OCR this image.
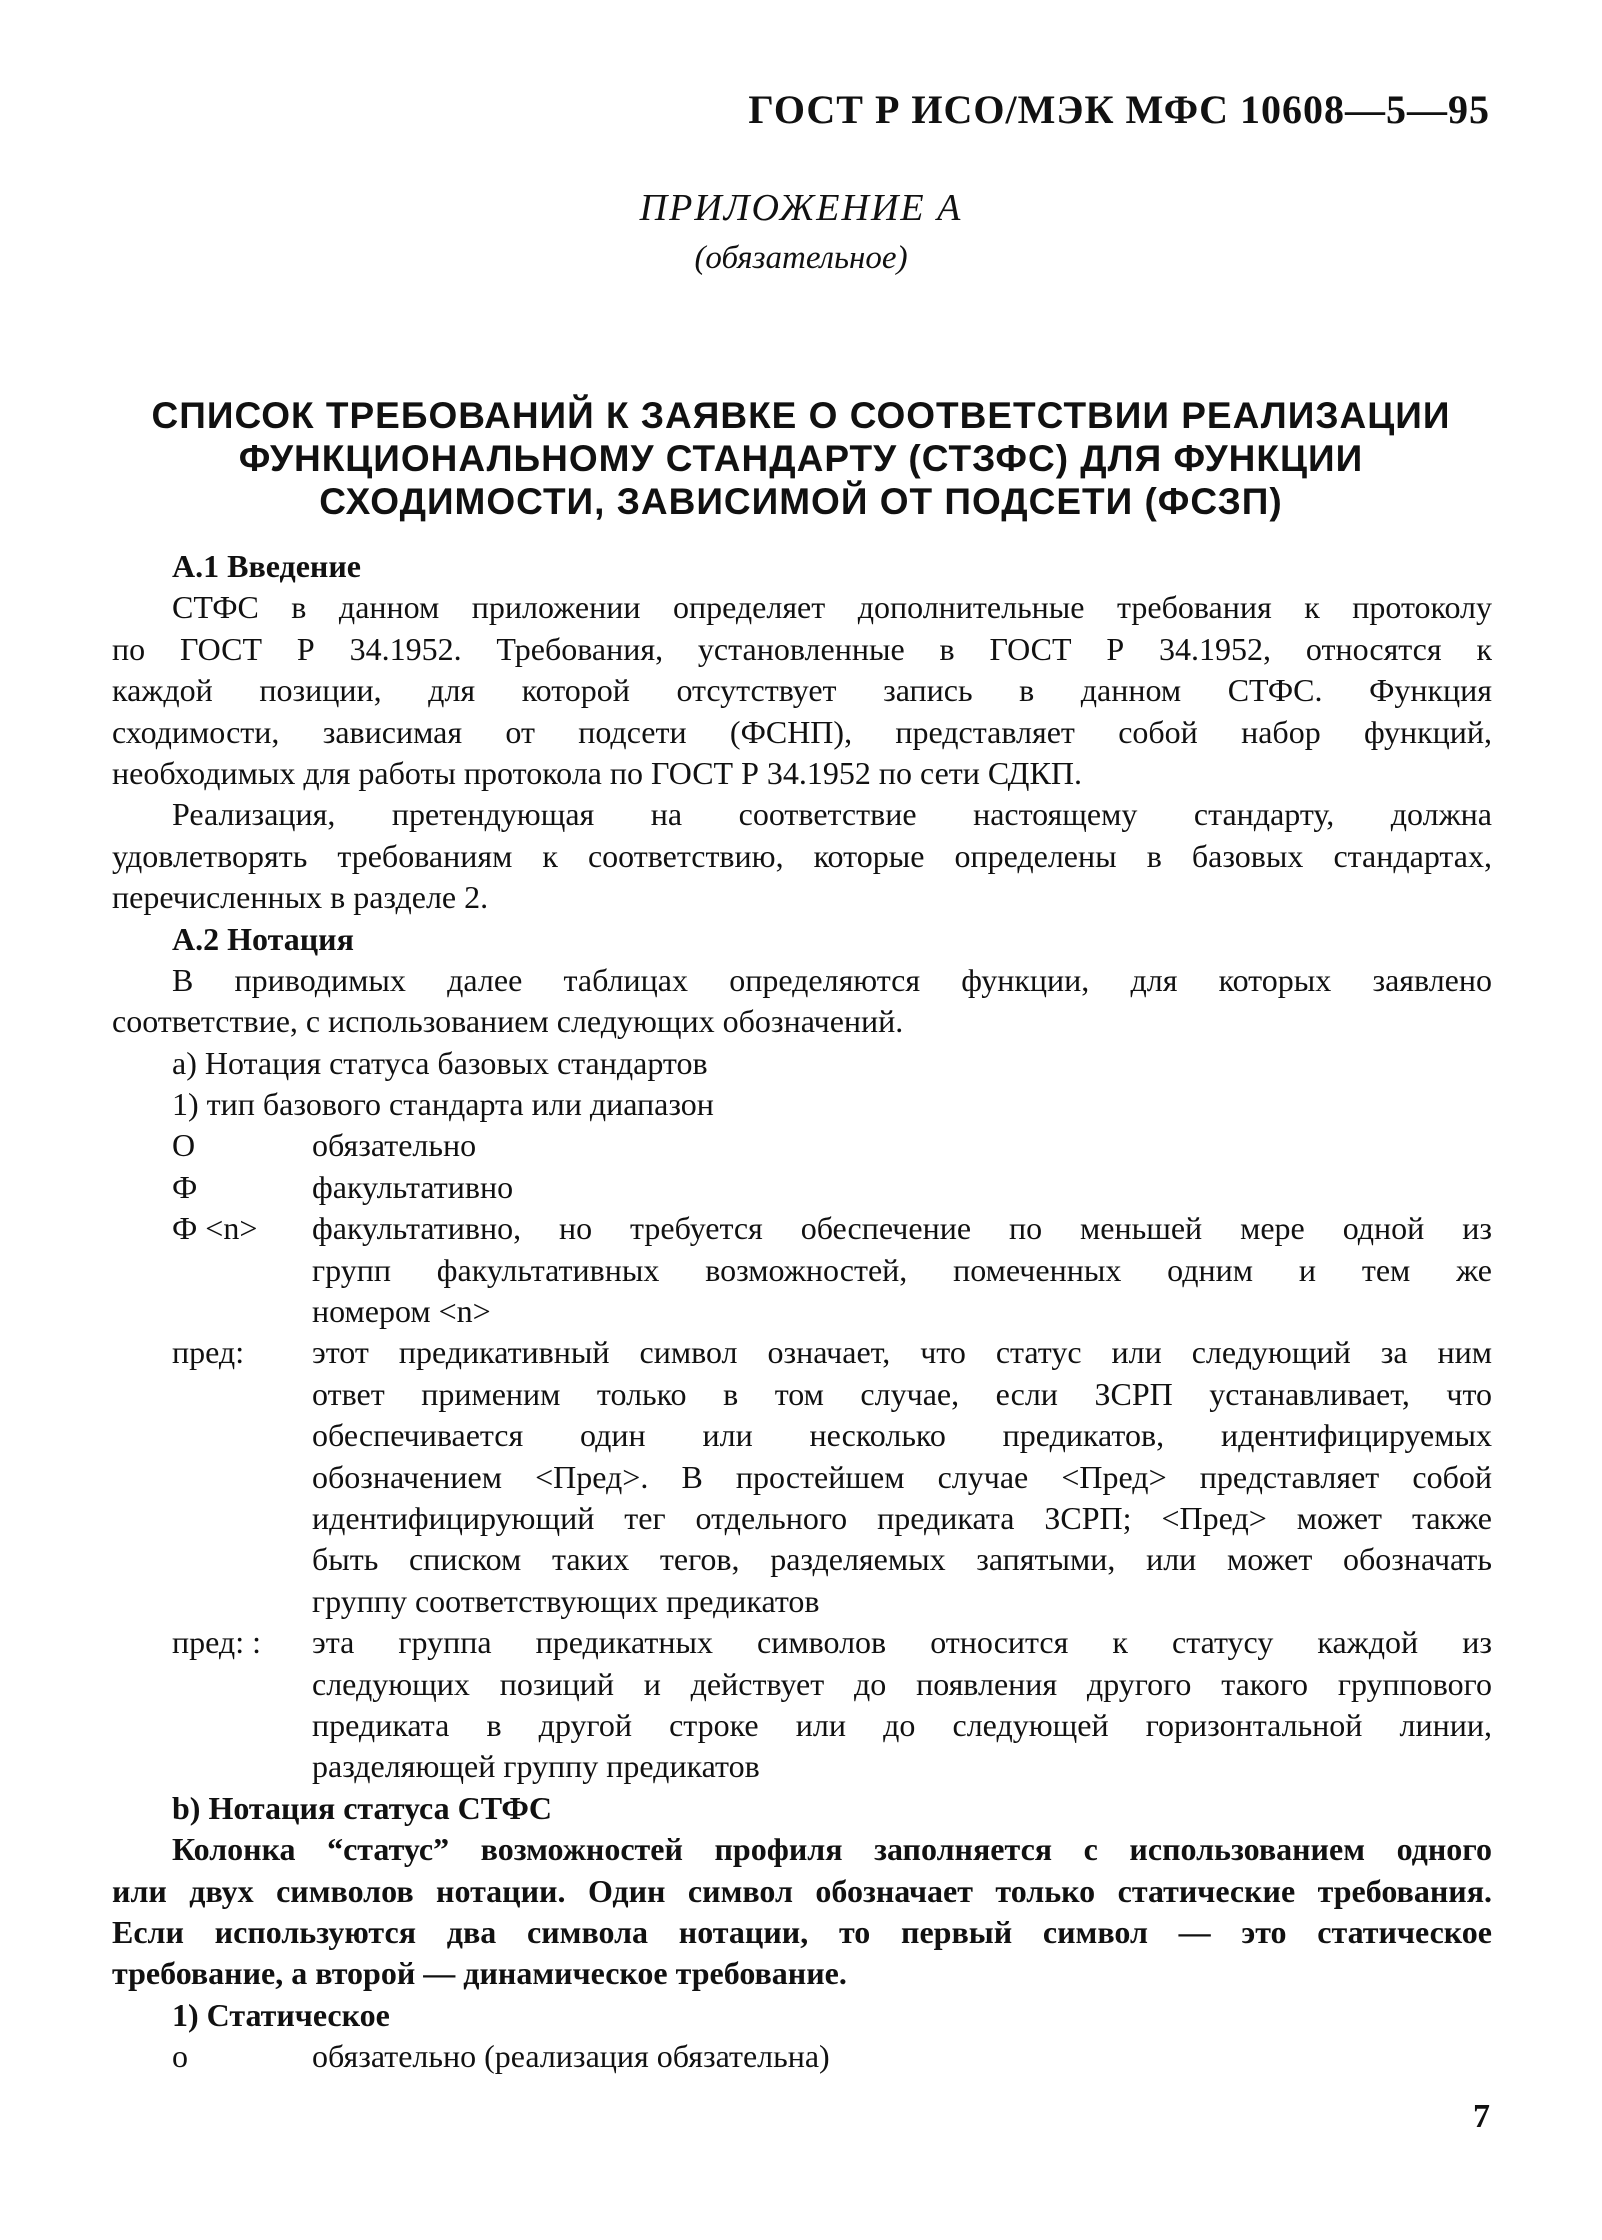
ГОСТ Р ИСО/МЭК МФС 10608—5—95
ПРИЛОЖЕНИЕ А
(обязательное)
СПИСОК ТРЕБОВАНИЙ К ЗАЯВКЕ О СООТВЕТСТВИИ РЕАЛИЗАЦИИ
ФУНКЦИОНАЛЬНОМУ СТАНДАРТУ (СТЗФС) ДЛЯ ФУНКЦИИ
СХОДИМОСТИ, ЗАВИСИМОЙ ОТ ПОДСЕТИ (ФСЗП)
А.1 Введение
СТФС в данном приложении определяет дополнительные требования к протоколу
по ГОСТ Р 34.1952. Требования, установленные в ГОСТ Р 34.1952, относятся к
каждой позиции, для которой отсутствует запись в данном СТФС. Функция
сходимости, зависимая от подсети (ФСНП), представляет собой набор функций,
необходимых для работы протокола по ГОСТ Р 34.1952 по сети СДКП.
Реализация, претендующая на соответствие настоящему стандарту, должна
удовлетворять требованиям к соответствию, которые определены в базовых стандартах,
перечисленных в разделе 2.
А.2 Нотация
В приводимых далее таблицах определяются функции, для которых заявлено
соответствие, с использованием следующих обозначений.
а) Нотация статуса базовых стандартов
1) тип базового стандарта или диапазон
О	обязательно
Ф	факультативно
Ф <n>	факультативно, но требуется обеспечение по меньшей мере одной из
групп факультативных возможностей, помеченных одним и тем же
номером <n>
пред:	этот предикативный символ означает, что статус или следующий за ним
ответ применим только в том случае, если ЗСРП устанавливает, что
обеспечивается один или несколько предикатов, идентифицируемых
обозначением <Пред>. В простейшем случае <Пред> представляет собой
идентифицирующий тег отдельного предиката ЗСРП; <Пред> может также
быть списком таких тегов, разделяемых запятыми, или может обозначать
группу соответствующих предикатов
пред: :	эта группа предикатных символов относится к статусу каждой из
следующих позиций и действует до появления другого такого группового
предиката в другой строке или до следующей горизонтальной линии,
разделяющей группу предикатов
b) Нотация статуса СТФС
Колонка “статус” возможностей профиля заполняется с использованием одного
или двух символов нотации. Один символ обозначает только статические требования.
Если используются два символа нотации, то первый символ — это статическое
требование, а второй — динамическое требование.
1) Статическое
о	обязательно (реализация обязательна)
7
